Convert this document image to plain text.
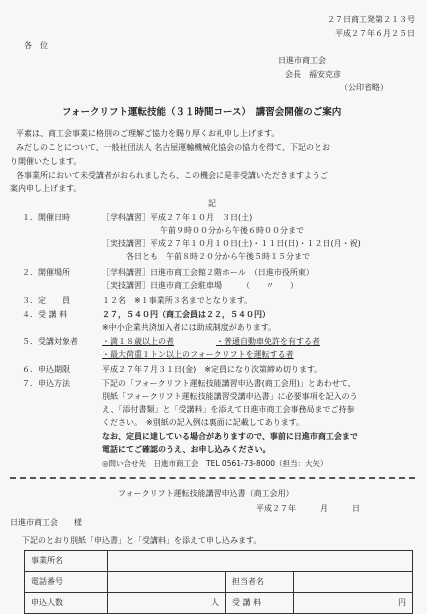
２７日商工発第２１３号
平成２７年６月２５日
各　位
日進市商工会
会長　福安克彦
（公印省略）
フォークリフト運転技能（３１時間コース）　講習会開催のご案内
平素は、商工会事業に格別のご理解ご協力を賜り厚くお礼申し上げます。
みだしのことについて、一般社団法人 名古屋運輸機械化協会の協力を得て、下記のとお
り開催いたします。
各事業所において未受講者がおられましたら、この機会に是非受講いただきますようご
案内申し上げます。
記
１．開催日時	［学科講習］平成２７年１０月　３日(土)
午前９時００分から午後６時００分まで
［実技講習］平成２７年１０月１０日(土)・１１日(日)・１２日(月・祝)
各日とも　午前８時２０分から午後５時１５分まで
２．開催場所	［学科講習］日進市商工会館２階ホール　（日進市役所東）
［実技講習］日進市商工会駐車場　　　（　　〃　　）
３．定　　員	１２名　※１事業所３名までとなります。
４．受 講 料	２７，５４０円（商工会員は２２，５４０円）
※中小企業共済加入者には助成制度があります。
５．受講対象者	・満１８歳以上の者	・普通自動車免許を有する者
・最大荷重１トン以上のフォークリフトを運転する者
６．申込期限	平成２７年７月３１日(金)　※定員になり次第締め切ります。
７．申込方法	下記の「フォークリフト運転技能講習申込書(商工会用)」とあわせて、
別紙「フォークリフト運転技能講習受講申込書」に必要事項を記入のう
え、「添付書類」と「受講料」を添えて日進市商工会事務局までご持参
ください。　※別紙の記入例は裏面に記載してあります。
なお、定員に達している場合がありますので、事前に日進市商工会まで
電話にてご確認のうえ、お申し込みください。
◎問い合せ先　日進市商工会　TEL 0561-73-8000（担当：大矢）
フォークリフト運転技能講習申込書（商工会用）
平成２７年　　　月　　　日
日進市商工会　　様
下記のとおり別紙「申込書」と「受講料」を添えて申し込みます。
事業所名			
電話番号		担当者名	
申込人数	人	受 講 料	円
